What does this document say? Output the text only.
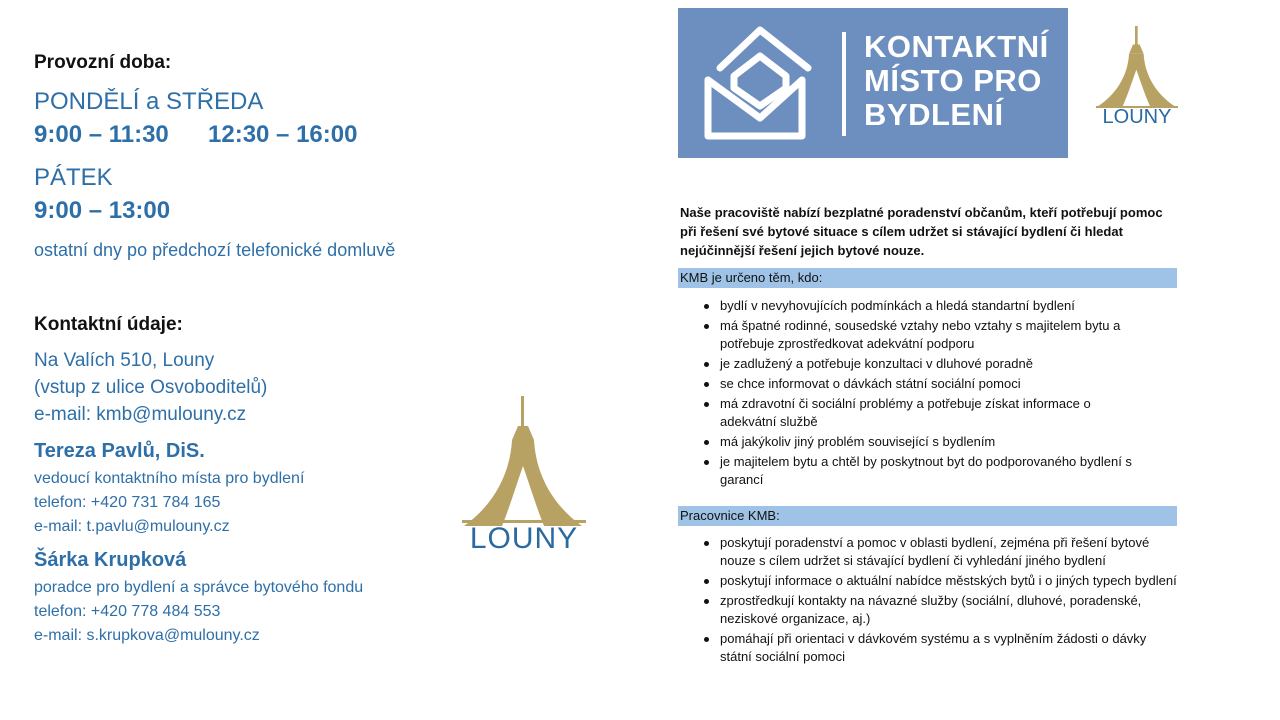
Provozní doba:
PONDĚLÍ a STŘEDA
9:00 – 11:30 12:30 – 16:00
PÁTEK
9:00 – 13:00
ostatní dny po předchozí telefonické domluvě
Kontaktní údaje:
Na Valích 510, Louny
(vstup z ulice Osvoboditelů)
e-mail: kmb@mulouny.cz
Tereza Pavlů, DiS.
vedoucí kontaktního místa pro bydlení
telefon: +420 731 784 165
e-mail: t.pavlu@mulouny.cz
Šárka Krupková
poradce pro bydlení a správce bytového fondu
telefon: +420 778 484 553
e-mail: s.krupkova@mulouny.cz
LOUNY
KONTAKTNÍ
MÍSTO PRO
BYDLENÍ	LOUNY
Naše pracoviště nabízí bezplatné poradenství občanům, kteří potřebují pomoc při řešení své bytové situace s cílem udržet si stávající bydlení či hledat nejúčinnější řešení jejich bytové nouze.
KMB je určeno těm, kdo:
bydlí v nevyhovujících podmínkách a hledá standartní bydlení
má špatné rodinné, sousedské vztahy nebo vztahy s majitelem bytu a potřebuje zprostředkovat adekvátní podporu
je zadlužený a potřebuje konzultaci v dluhové poradně
se chce informovat o dávkách státní sociální pomoci
má zdravotní či sociální problémy a potřebuje získat informace o adekvátní službě
má jakýkoliv jiný problém související s bydlením
je majitelem bytu a chtěl by poskytnout byt do podporovaného bydlení s garancí
Pracovnice KMB:
poskytují poradenství a pomoc v oblasti bydlení, zejména při řešení bytové nouze s cílem udržet si stávající bydlení či vyhledání jiného bydlení
poskytují informace o aktuální nabídce městských bytů i o jiných typech bydlení
zprostředkují kontakty na návazné služby (sociální, dluhové, poradenské, neziskové organizace, aj.)
pomáhají při orientaci v dávkovém systému a s vyplněním žádosti o dávky státní sociální pomoci
